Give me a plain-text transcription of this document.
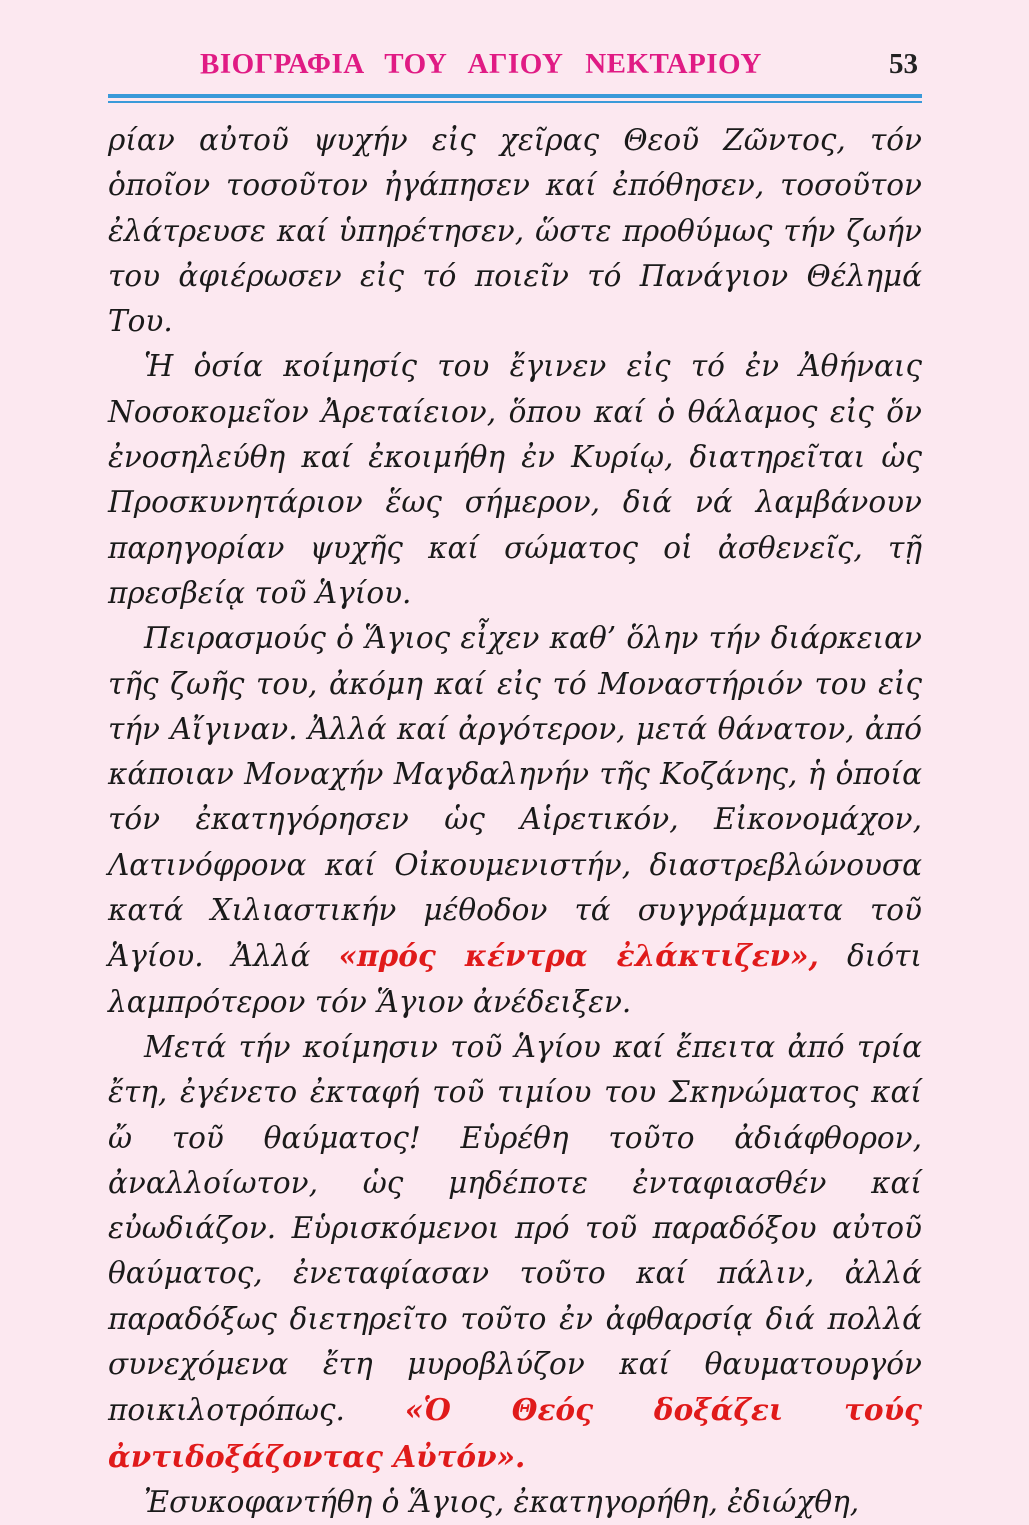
ΒΙΟΓΡΑΦΙΑ ΤΟΥ ΑΓΙΟΥ ΝΕΚΤΑΡΙΟΥ	53

ρίαν αὐτοῦ ψυχήν εἰς χεῖρας Θεοῦ Ζῶντος, τόν ὁποῖον τοσοῦτον ἠγάπησεν καί ἐπόθησεν, τοσοῦτον ἐλάτρευσε καί ὑπηρέτησεν, ὥστε προθύμως τήν ζωήν του ἀφιέρωσεν εἰς τό ποιεῖν τό Πανάγιον Θέλημά Του.

Ἡ ὁσία κοίμησίς του ἔγινεν εἰς τό ἐν Ἀθήναις Νοσοκομεῖον Ἀρεταίειον, ὅπου καί ὁ θάλαμος εἰς ὅν ἐνοσηλεύθη καί ἐκοιμήθη ἐν Κυρίῳ, διατηρεῖται ὡς Προσκυνητάριον ἕως σήμερον, διά νά λαμβάνουν παρηγορίαν ψυχῆς καί σώματος οἱ ἀσθενεῖς, τῇ πρεσβείᾳ τοῦ Ἁγίου.

Πειρασμούς ὁ Ἅγιος εἶχεν καθ’ ὅλην τήν διάρκειαν τῆς ζωῆς του, ἀκόμη καί εἰς τό Μοναστήριόν του εἰς τήν Αἴγιναν. Ἀλλά καί ἀργότερον, μετά θάνατον, ἀπό κάποιαν Μοναχήν Μαγδαληνήν τῆς Κοζάνης, ἡ ὁποία τόν ἐκατηγόρησεν ὡς Αἱρετικόν, Εἰκονομάχον, Λατινόφρονα καί Οἰκουμενιστήν, διαστρεβλώνουσα κατά Χιλιαστικήν μέθοδον τά συγγράμματα τοῦ Ἁγίου. Ἀλλά «πρός κέντρα ἐλάκτιζεν», διότι λαμπρότερον τόν Ἅγιον ἀνέδειξεν.

Μετά τήν κοίμησιν τοῦ Ἁγίου καί ἔπειτα ἀπό τρία ἔτη, ἐγένετο ἐκταφή τοῦ τιμίου του Σκηνώματος καί ὤ τοῦ θαύματος! Εὑρέθη τοῦτο ἀδιάφθορον, ἀναλλοίωτον, ὡς μηδέποτε ἐνταφιασθέν καί εὐωδιάζον. Εὑρισκόμενοι πρό τοῦ παραδόξου αὐτοῦ θαύματος, ἐνεταφίασαν τοῦτο καί πάλιν, ἀλλά παραδόξως διετηρεῖτο τοῦτο ἐν ἀφθαρσίᾳ διά πολλά συνεχόμενα ἔτη μυροβλύζον καί θαυματουργόν ποικιλοτρόπως. «Ὁ Θεός δοξάζει τούς ἀντιδοξάζοντας Αὐτόν».

Ἐσυκοφαντήθη ὁ Ἅγιος, ἐκατηγορήθη, ἐδιώχθη,
